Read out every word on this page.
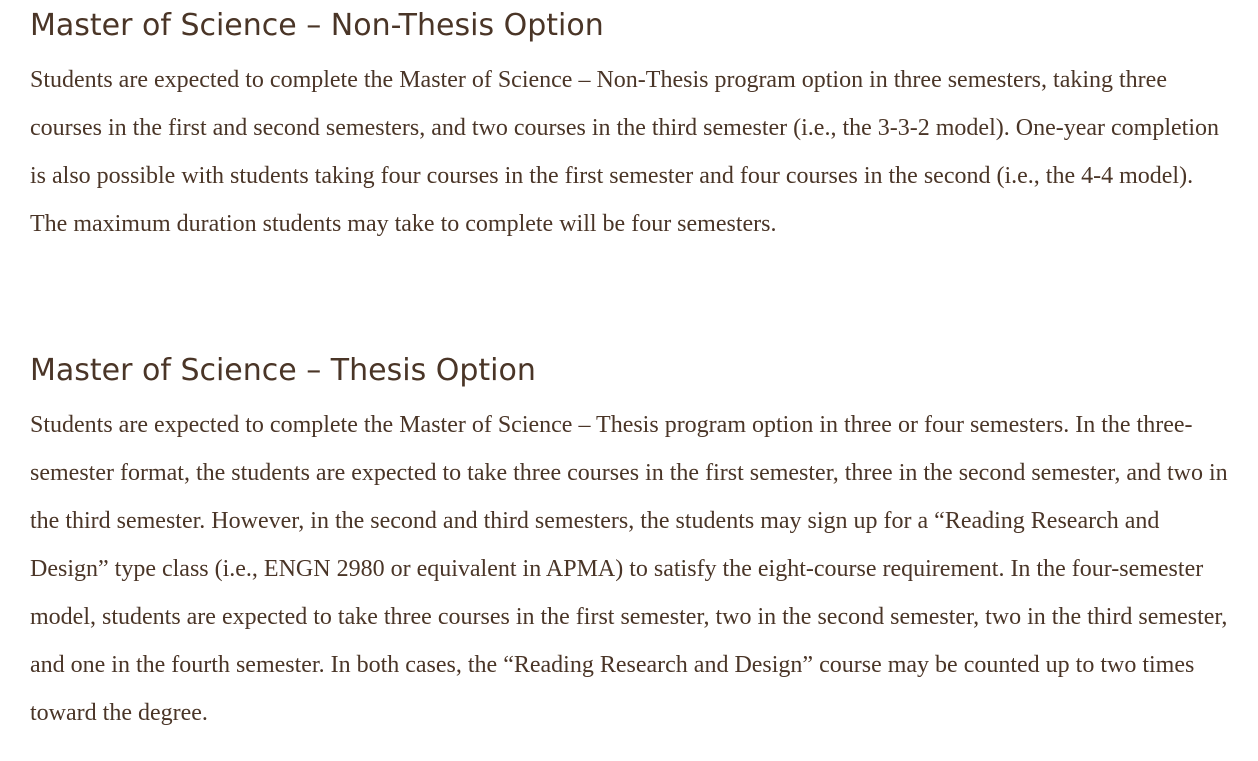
Master of Science – Non-Thesis Option

Students are expected to complete the Master of Science – Non-Thesis program option in three semesters, taking three courses in the first and second semesters, and two courses in the third semester (i.e., the 3-3-2 model). One-year completion is also possible with students taking four courses in the first semester and four courses in the second (i.e., the 4-4 model). The maximum duration students may take to complete will be four semesters.

Master of Science – Thesis Option

Students are expected to complete the Master of Science – Thesis program option in three or four semesters. In the three-semester format, the students are expected to take three courses in the first semester, three in the second semester, and two in the third semester. However, in the second and third semesters, the students may sign up for a “Reading Research and Design” type class (i.e., ENGN 2980 or equivalent in APMA) to satisfy the eight-course requirement. In the four-semester model, students are expected to take three courses in the first semester, two in the second semester, two in the third semester, and one in the fourth semester. In both cases, the “Reading Research and Design” course may be counted up to two times toward the degree.
